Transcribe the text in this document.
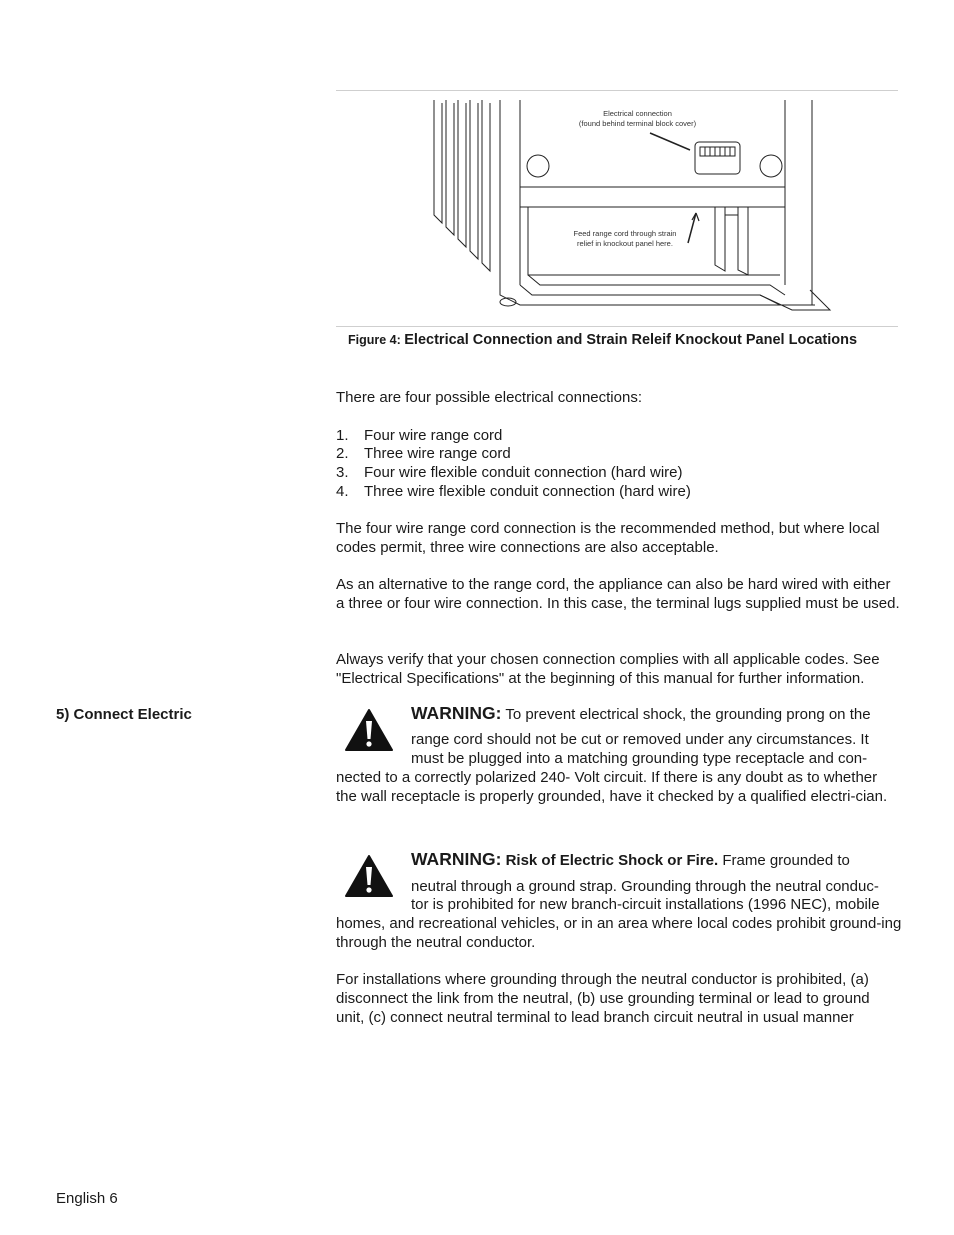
Electrical connection
(found behind terminal block cover)
Feed range cord through strain
relief in knockout panel here.
Figure 4: Electrical Connection and Strain Releif Knockout Panel Locations
There are four possible electrical connections:
1. Four wire range cord
2. Three wire range cord
3. Four wire flexible conduit connection (hard wire)
4. Three wire flexible conduit connection (hard wire)
The four wire range cord connection is the recommended method, but where local codes permit, three wire connections are also acceptable.
As an alternative to the range cord, the appliance can also be hard wired with either a three or four wire connection. In this case, the terminal lugs supplied must be used.
Always verify that your chosen connection complies with all applicable codes. See "Electrical Specifications" at the beginning of this manual for further information.
5) Connect Electric	WARNING: To prevent electrical shock, the grounding prong on the
range cord should not be cut or removed under any circumstances. It
must be plugged into a matching grounding type receptacle and con-
nected to a correctly polarized 240- Volt circuit. If there is any doubt as to whether the wall receptacle is properly grounded, have it checked by a qualified electri-cian.
WARNING: Risk of Electric Shock or Fire. Frame grounded to
neutral through a ground strap. Grounding through the neutral conduc-
tor is prohibited for new branch-circuit installations (1996 NEC), mobile
homes, and recreational vehicles, or in an area where local codes prohibit ground-ing through the neutral conductor.
For installations where grounding through the neutral conductor is prohibited, (a) disconnect the link from the neutral, (b) use grounding terminal or lead to ground unit, (c) connect neutral terminal to lead branch circuit neutral in usual manner
English 6
